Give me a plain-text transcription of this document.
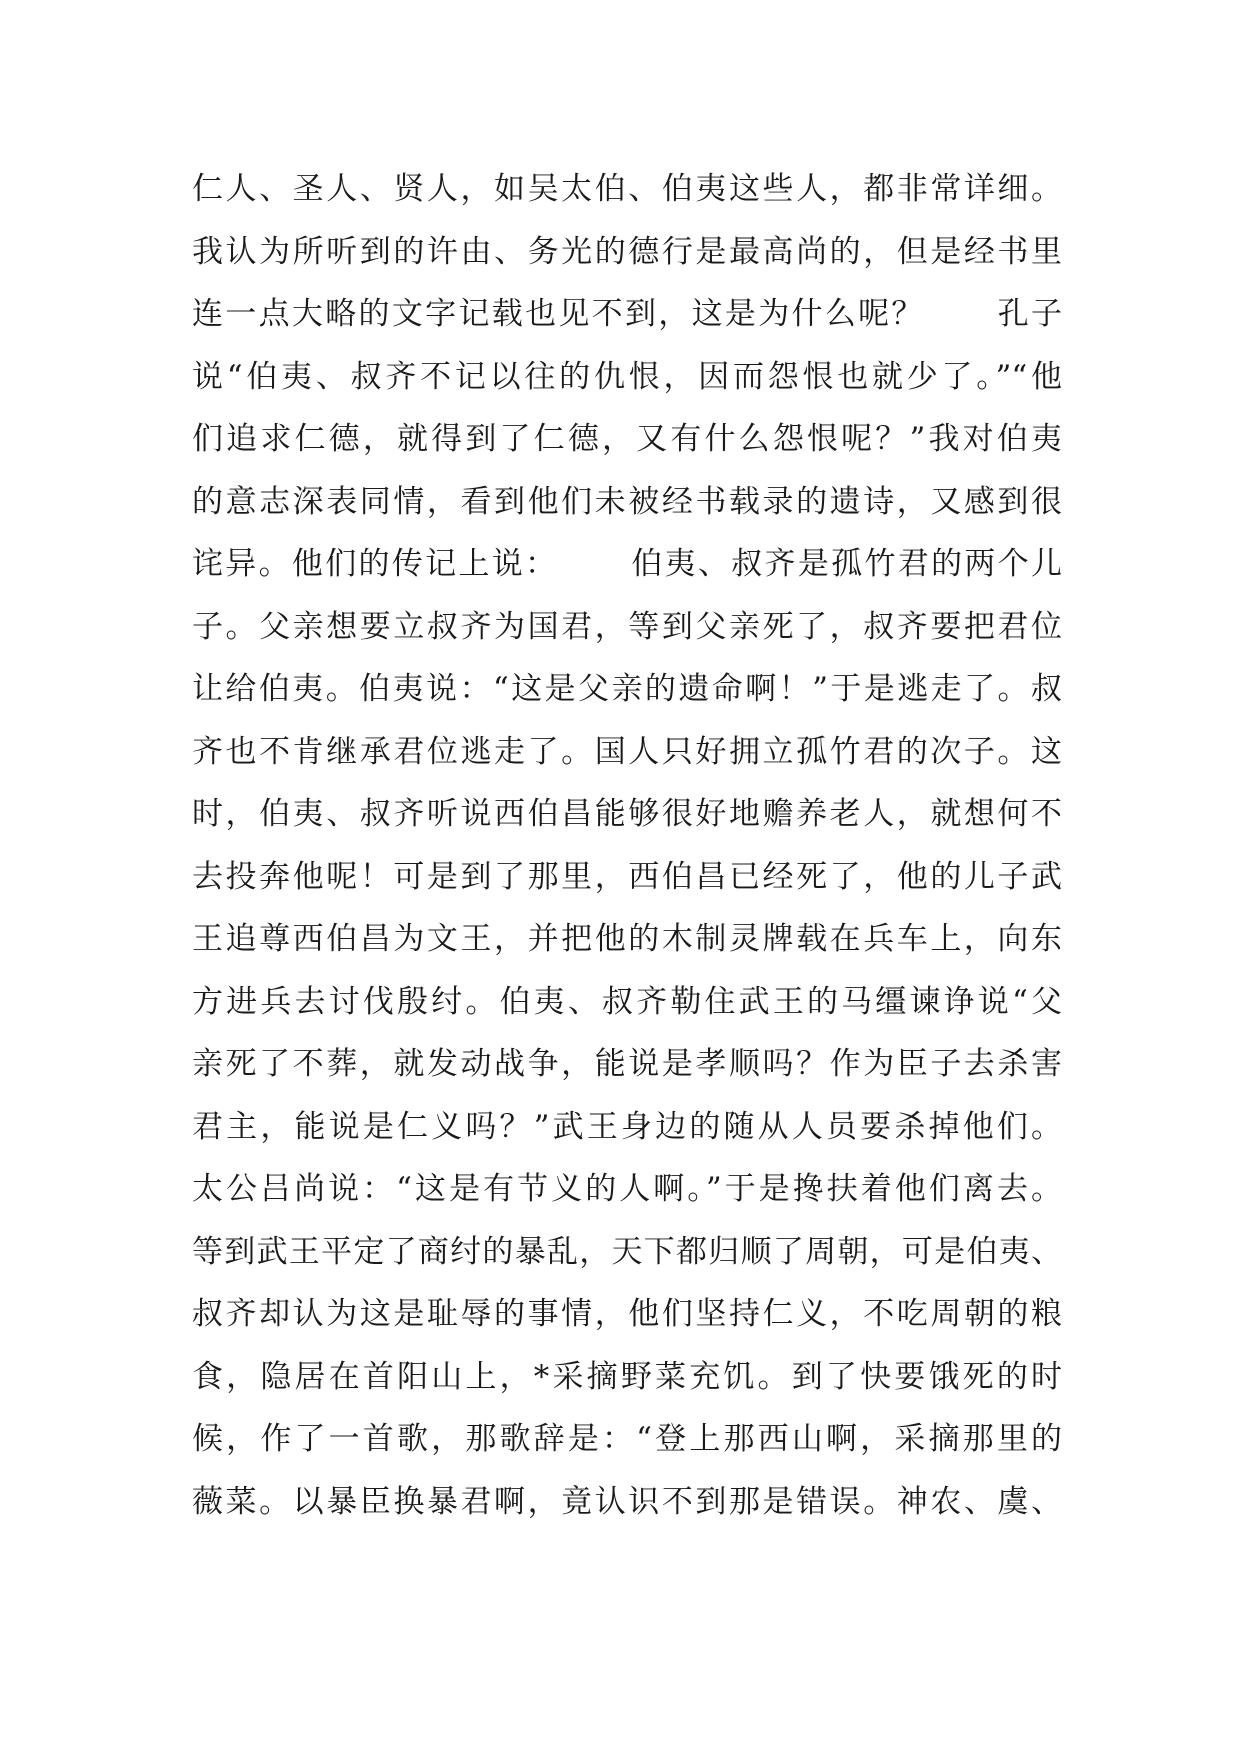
仁人、圣人、贤人，如吴太伯、伯夷这些人，都非常详细。
我认为所听到的许由、务光的德行是最高尚的，但是经书里
连一点大略的文字记载也见不到，这是为什么呢？      孔子
说“伯夷、叔齐不记以往的仇恨，因而怨恨也就少了。”“他
们追求仁德，就得到了仁德，又有什么怨恨呢？”我对伯夷
的意志深表同情，看到他们未被经书载录的遗诗，又感到很
诧异。他们的传记上说：      伯夷、叔齐是孤竹君的两个儿
子。父亲想要立叔齐为国君，等到父亲死了，叔齐要把君位
让给伯夷。伯夷说：“这是父亲的遗命啊！”于是逃走了。叔
齐也不肯继承君位逃走了。国人只好拥立孤竹君的次子。这
时，伯夷、叔齐听说西伯昌能够很好地赡养老人，就想何不
去投奔他呢！可是到了那里，西伯昌已经死了，他的儿子武
王追尊西伯昌为文王，并把他的木制灵牌载在兵车上，向东
方进兵去讨伐殷纣。伯夷、叔齐勒住武王的马缰谏诤说“父
亲死了不葬，就发动战争，能说是孝顺吗？作为臣子去杀害
君主，能说是仁义吗？”武王身边的随从人员要杀掉他们。
太公吕尚说：“这是有节义的人啊。”于是搀扶着他们离去。
等到武王平定了商纣的暴乱，天下都归顺了周朝，可是伯夷、
叔齐却认为这是耻辱的事情，他们坚持仁义，不吃周朝的粮
食，隐居在首阳山上，*采摘野菜充饥。到了快要饿死的时
候，作了一首歌，那歌辞是：“登上那西山啊，采摘那里的
薇菜。以暴臣换暴君啊，竟认识不到那是错误。神农、虞、
